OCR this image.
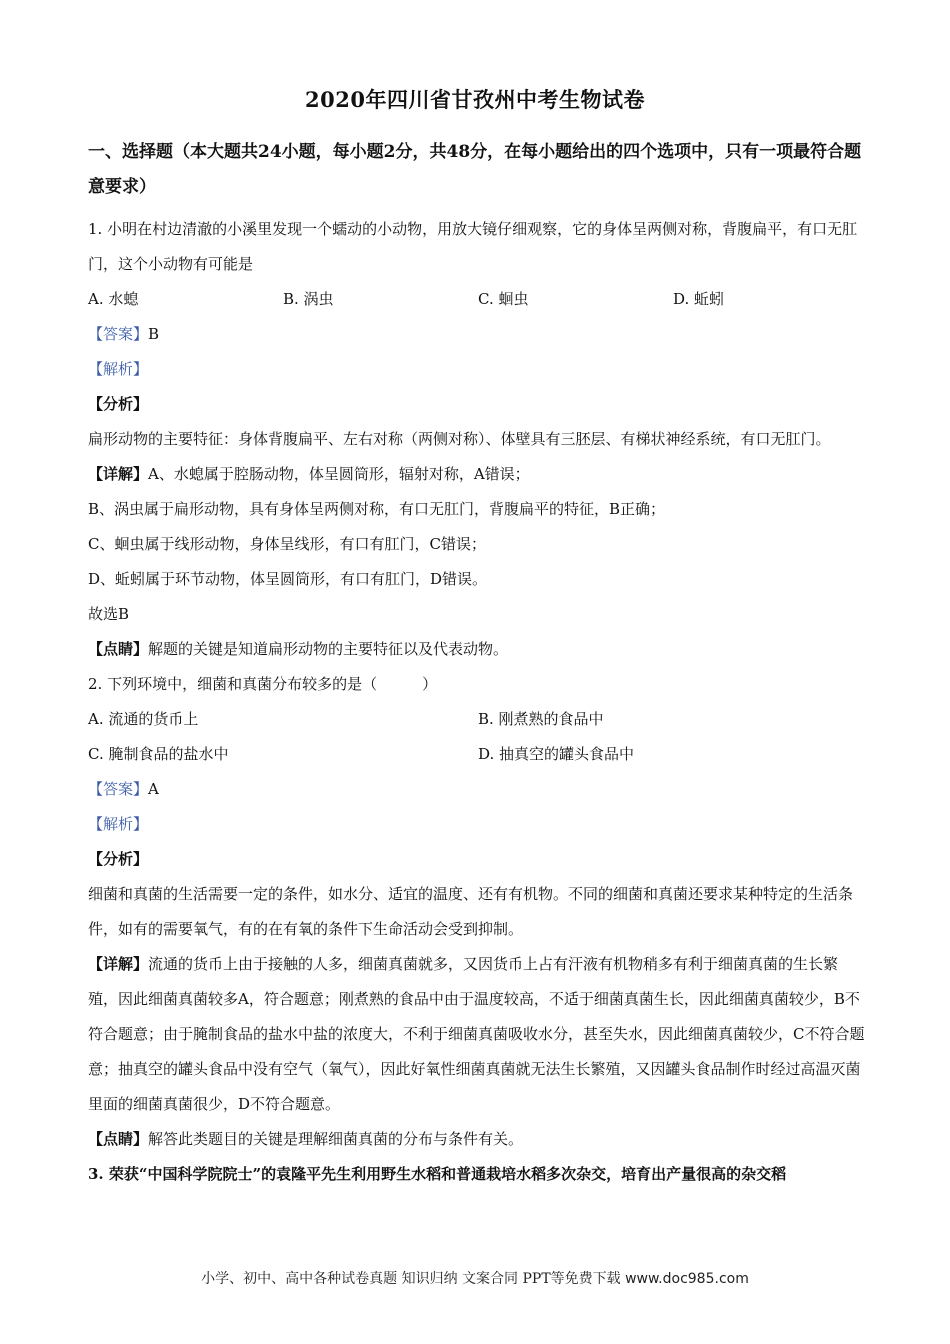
2020年四川省甘孜州中考生物试卷
一、选择题（本大题共24小题，每小题2分，共48分，在每小题给出的四个选项中，只有一项最符合题意要求）

1. 小明在村边清澈的小溪里发现一个蠕动的小动物，用放大镜仔细观察，它的身体呈两侧对称，背腹扁平，有口无肛门，这个小动物有可能是

A. 水螅	B. 涡虫	C. 蛔虫	D. 蚯蚓

【答案】B

【解析】

【分析】

扁形动物的主要特征：身体背腹扁平、左右对称（两侧对称）、体壁具有三胚层、有梯状神经系统，有口无肛门。

【详解】A、水螅属于腔肠动物，体呈圆筒形，辐射对称，A错误；

B、涡虫属于扁形动物，具有身体呈两侧对称，有口无肛门，背腹扁平的特征，B正确；

C、蛔虫属于线形动物，身体呈线形，有口有肛门，C错误；

D、蚯蚓属于环节动物，体呈圆筒形，有口有肛门，D错误。

故选B

【点睛】解题的关键是知道扁形动物的主要特征以及代表动物。

2. 下列环境中，细菌和真菌分布较多的是（　　　）

A. 流通的货币上	B. 刚煮熟的食品中
C. 腌制食品的盐水中	D. 抽真空的罐头食品中

【答案】A

【解析】

【分析】

细菌和真菌的生活需要一定的条件，如水分、适宜的温度、还有有机物。不同的细菌和真菌还要求某种特定的生活条件，如有的需要氧气，有的在有氧的条件下生命活动会受到抑制。

【详解】流通的货币上由于接触的人多，细菌真菌就多，又因货币上占有汗液有机物稍多有利于细菌真菌的生长繁殖，因此细菌真菌较多A，符合题意；刚煮熟的食品中由于温度较高，不适于细菌真菌生长，因此细菌真菌较少，B不符合题意；由于腌制食品的盐水中盐的浓度大，不利于细菌真菌吸收水分，甚至失水，因此细菌真菌较少，C不符合题意；抽真空的罐头食品中没有空气（氧气），因此好氧性细菌真菌就无法生长繁殖，又因罐头食品制作时经过高温灭菌里面的细菌真菌很少，D不符合题意。

【点睛】解答此类题目的关键是理解细菌真菌的分布与条件有关。

3. 荣获“中国科学院院士”的袁隆平先生利用野生水稻和普通栽培水稻多次杂交，培育出产量很高的杂交稻

小学、初中、高中各种试卷真题 知识归纳 文案合同 PPT等免费下载 www.doc985.com
